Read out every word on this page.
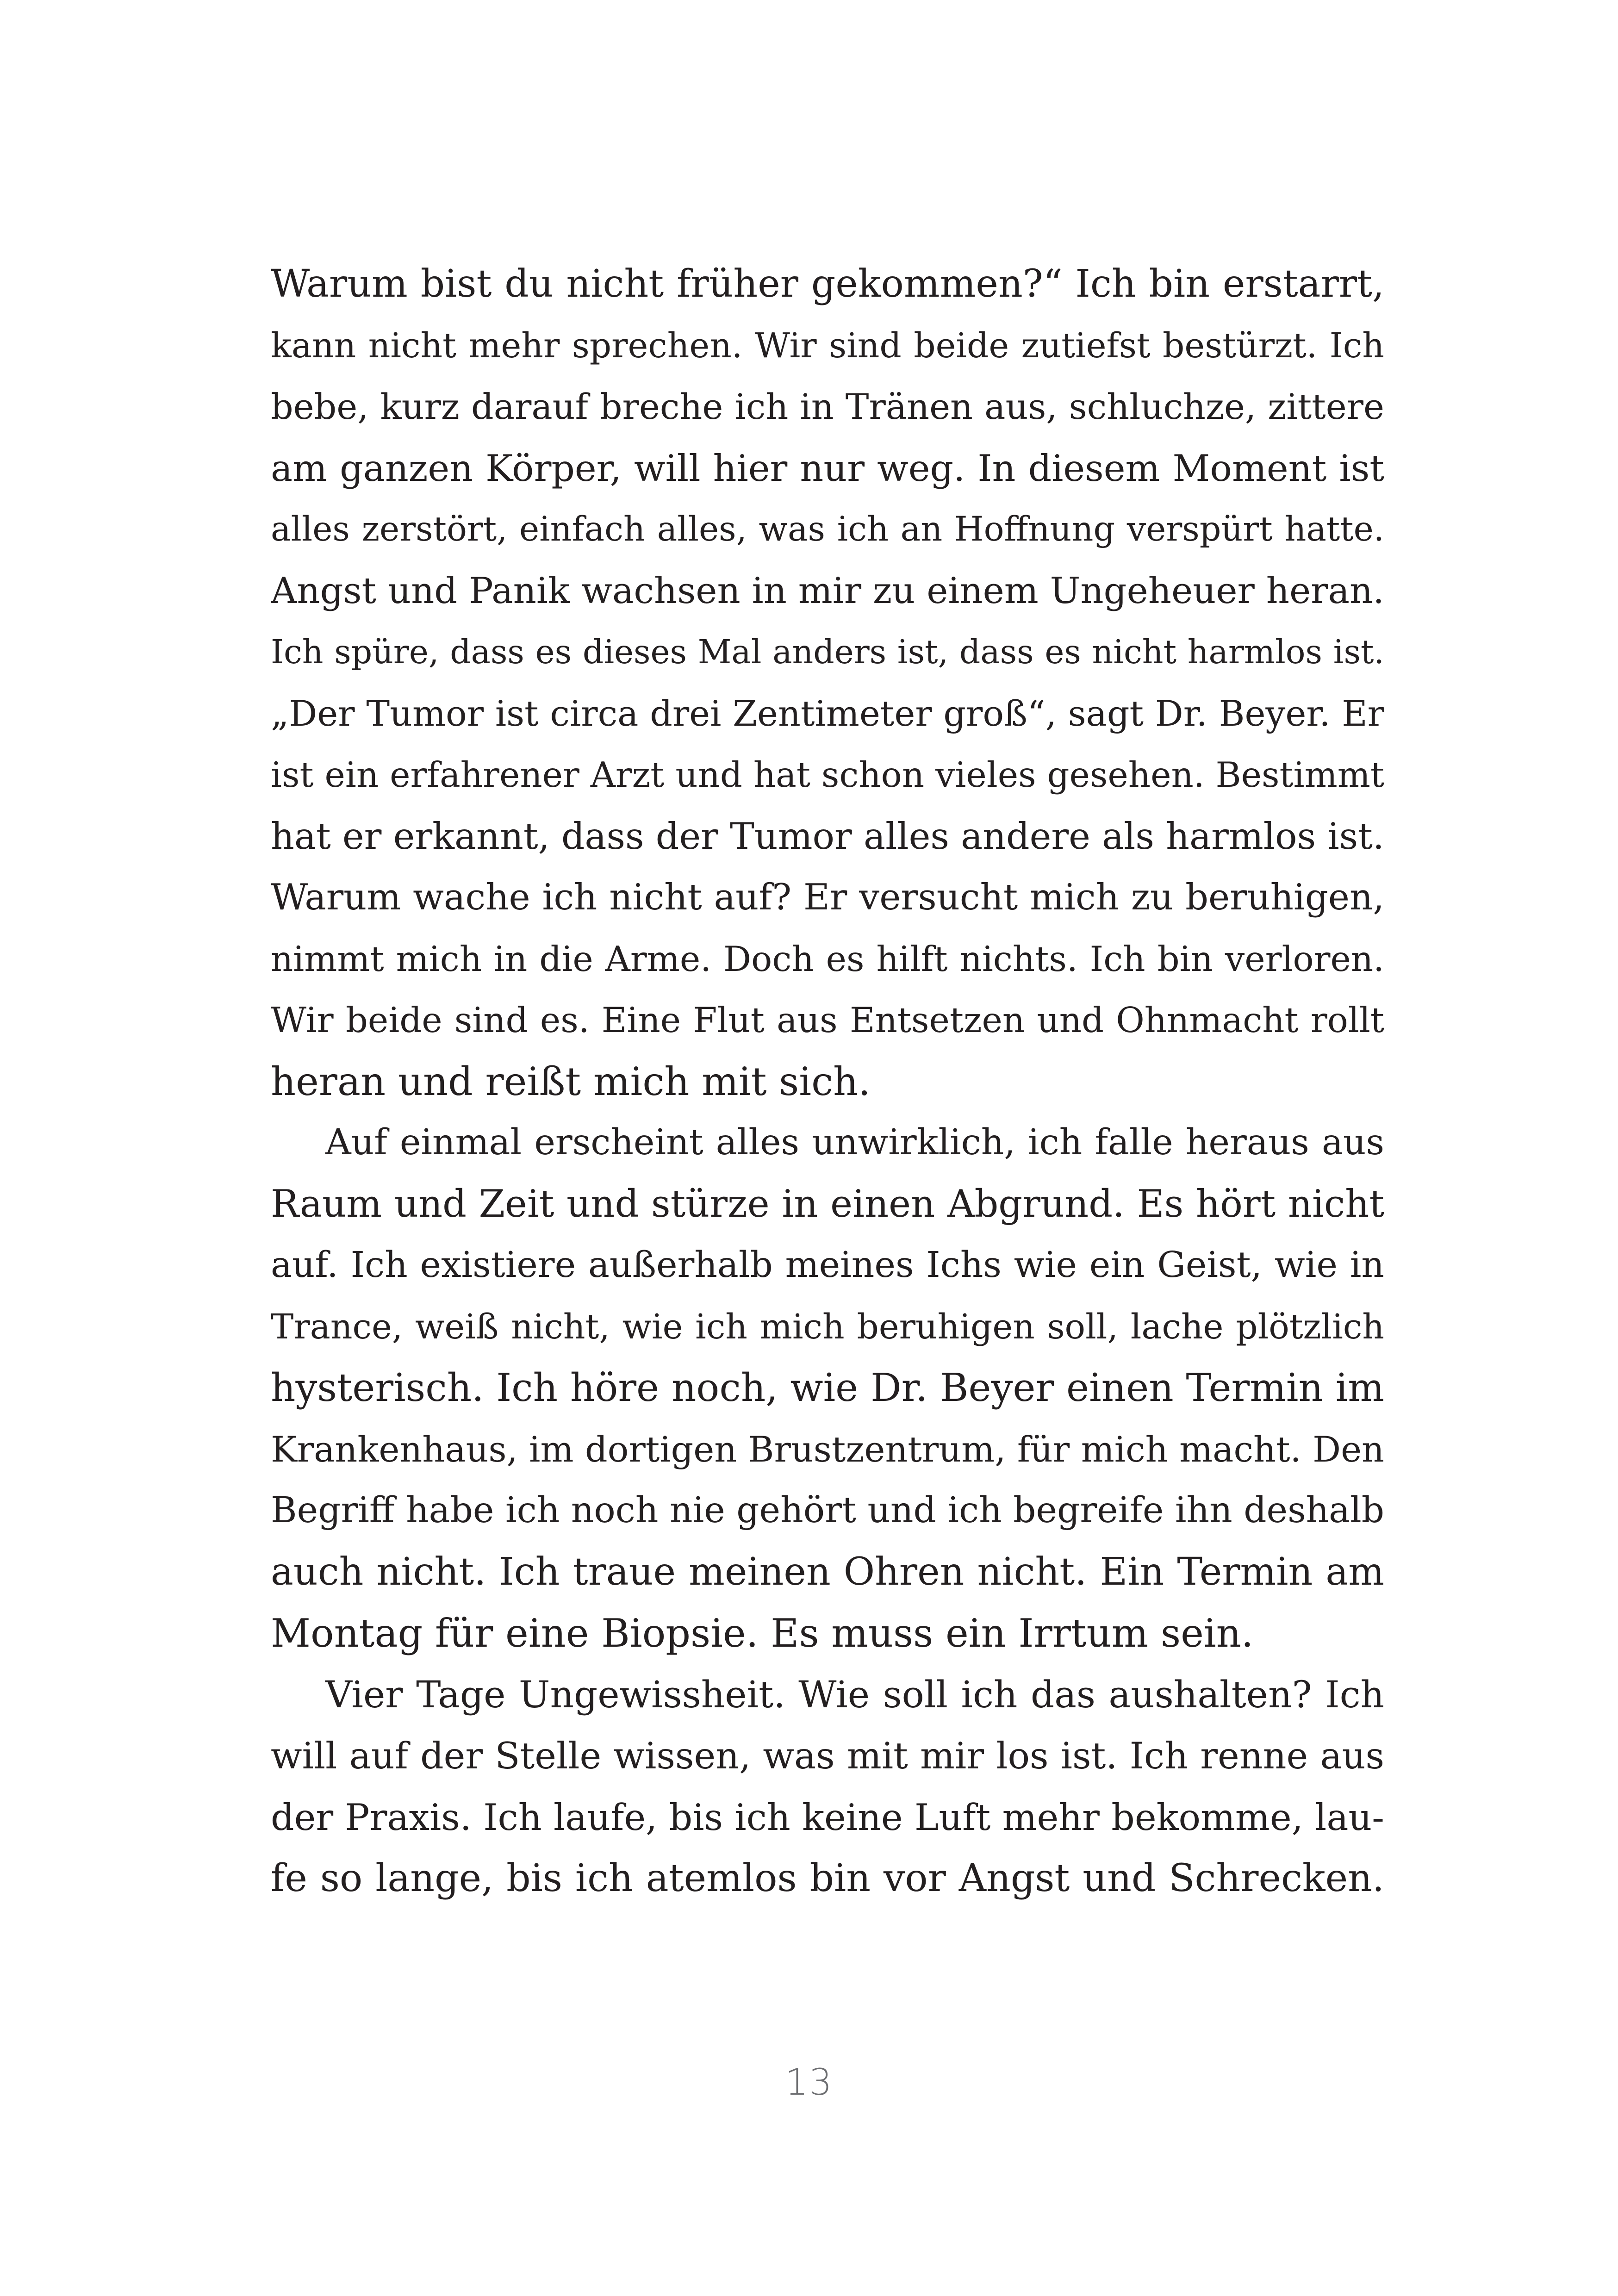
Warum bist du nicht früher gekommen?“ Ich bin erstarrt,
kann nicht mehr sprechen. Wir sind beide zutiefst bestürzt. Ich
bebe, kurz darauf breche ich in Tränen aus, schluchze, zittere
am ganzen Körper, will hier nur weg. In diesem Moment ist
alles zerstört, einfach alles, was ich an Hoffnung verspürt hatte.
Angst und Panik wachsen in mir zu einem Ungeheuer heran.
Ich spüre, dass es dieses Mal anders ist, dass es nicht harmlos ist.
„Der Tumor ist circa drei Zentimeter groß“, sagt Dr. Beyer. Er
ist ein erfahrener Arzt und hat schon vieles gesehen. Bestimmt
hat er erkannt, dass der Tumor alles andere als harmlos ist.
Warum wache ich nicht auf? Er versucht mich zu beruhigen,
nimmt mich in die Arme. Doch es hilft nichts. Ich bin verloren.
Wir beide sind es. Eine Flut aus Entsetzen und Ohnmacht rollt
heran und reißt mich mit sich.
Auf einmal erscheint alles unwirklich, ich falle heraus aus
Raum und Zeit und stürze in einen Abgrund. Es hört nicht
auf. Ich existiere außerhalb meines Ichs wie ein Geist, wie in
Trance, weiß nicht, wie ich mich beruhigen soll, lache plötzlich
hysterisch. Ich höre noch, wie Dr. Beyer einen Termin im
Krankenhaus, im dortigen Brustzentrum, für mich macht. Den
Begriff habe ich noch nie gehört und ich begreife ihn deshalb
auch nicht. Ich traue meinen Ohren nicht. Ein Termin am
Montag für eine Biopsie. Es muss ein Irrtum sein.
Vier Tage Ungewissheit. Wie soll ich das aushalten? Ich
will auf der Stelle wissen, was mit mir los ist. Ich renne aus
der Praxis. Ich laufe, bis ich keine Luft mehr bekomme, lau-
fe so lange, bis ich atemlos bin vor Angst und Schrecken.
13
